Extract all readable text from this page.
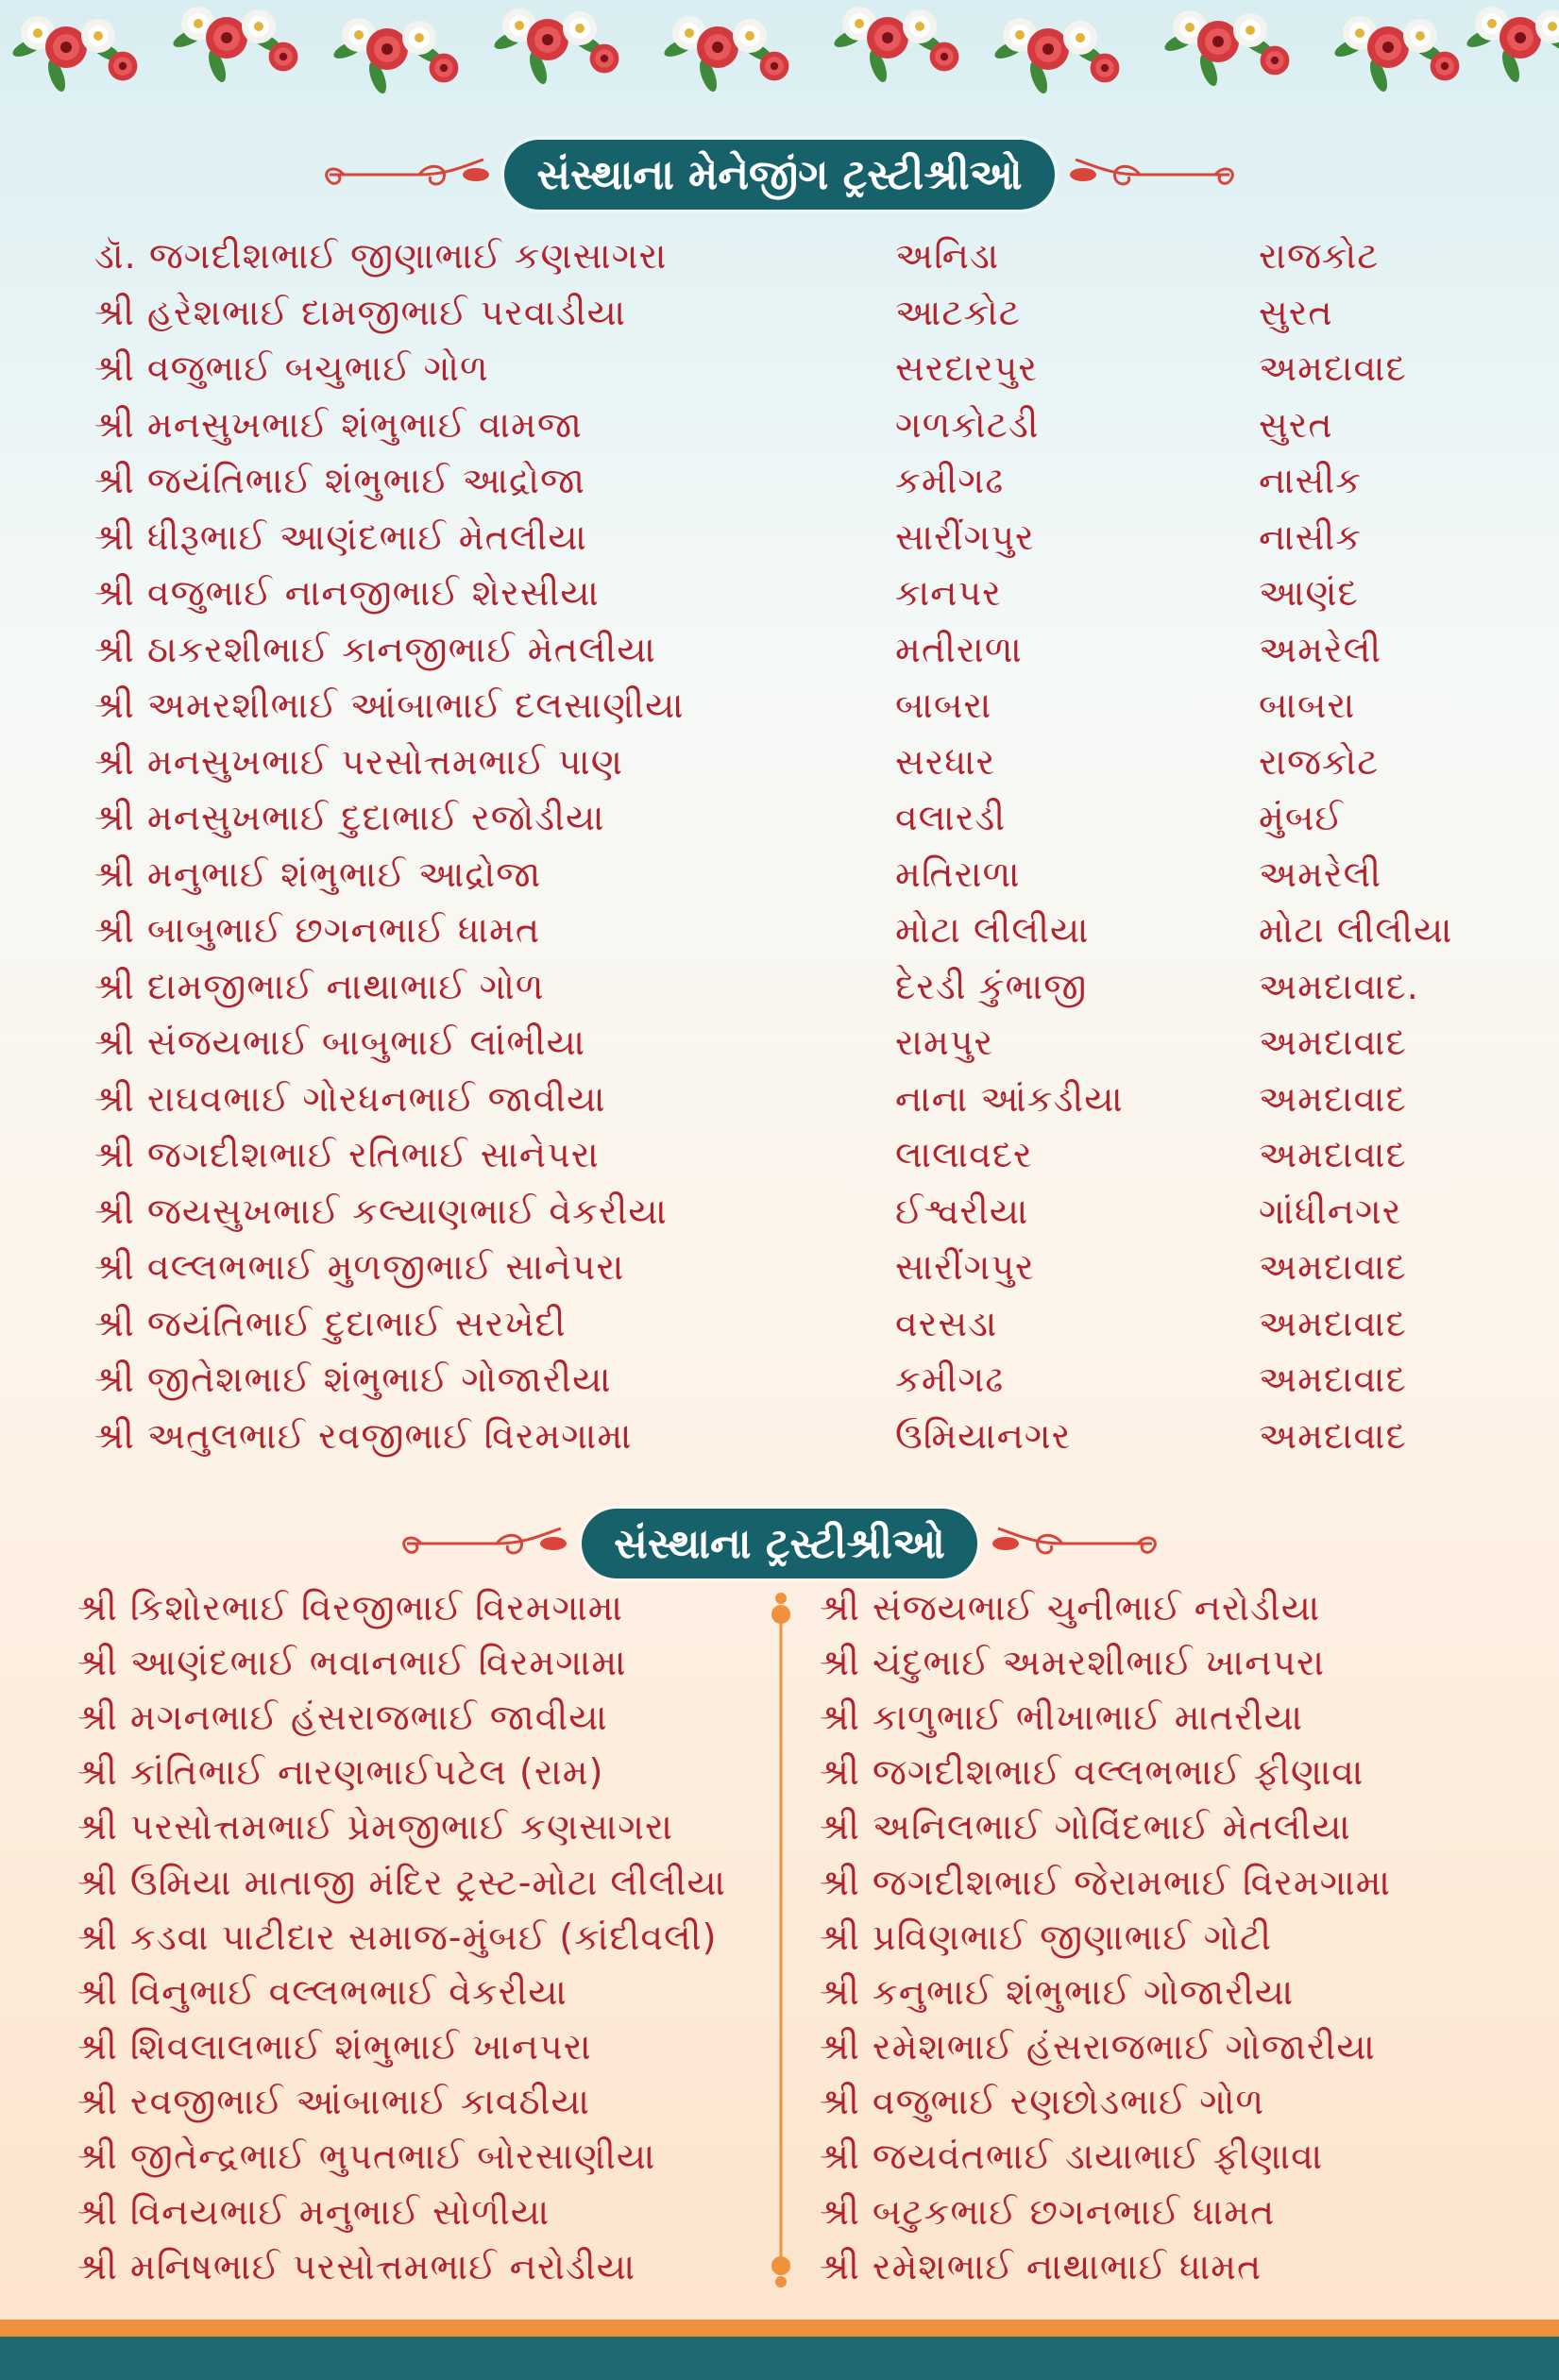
સંસ્થાના મેનેજીંગ ટ્રસ્ટીશ્રીઓ
ડૉ. જગદીશભાઈ જીણાભાઈ કણસાગરા	અનિડા	રાજકોટ
શ્રી હરેશભાઈ દામજીભાઈ પરવાડીયા	આટકોટ	સુરત
શ્રી વજુભાઈ બચુભાઈ ગોળ	સરદારપુર	અમદાવાદ
શ્રી મનસુખભાઈ શંભુભાઈ વામજા	ગળકોટડી	સુરત
શ્રી જયંતિભાઈ શંભુભાઈ આદ્રોજા	કમીગઢ	નાસીક
શ્રી ધીરૂભાઈ આણંદભાઈ મેતલીયા	સારીંગપુર	નાસીક
શ્રી વજુભાઈ નાનજીભાઈ શેરસીયા	કાનપર	આણંદ
શ્રી ઠાકરશીભાઈ કાનજીભાઈ મેતલીયા	મતીરાળા	અમરેલી
શ્રી અમરશીભાઈ આંબાભાઈ દલસાણીયા	બાબરા	બાબરા
શ્રી મનસુખભાઈ પરસોત્તમભાઈ પાણ	સરધાર	રાજકોટ
શ્રી મનસુખભાઈ દુદાભાઈ રજોડીયા	વલારડી	મુંબઈ
શ્રી મનુભાઈ શંભુભાઈ આદ્રોજા	મતિરાળા	અમરેલી
શ્રી બાબુભાઈ છગનભાઈ ધામત	મોટા લીલીયા	મોટા લીલીયા
શ્રી દામજીભાઈ નાથાભાઈ ગોળ	દેરડી કુંભાજી	અમદાવાદ.
શ્રી સંજયભાઈ બાબુભાઈ લાંભીયા	રામપુર	અમદાવાદ
શ્રી રાઘવભાઈ ગોરધનભાઈ જાવીયા	નાના આંકડીયા	અમદાવાદ
શ્રી જગદીશભાઈ રતિભાઈ સાનેપરા	લાલાવદર	અમદાવાદ
શ્રી જયસુખભાઈ કલ્યાણભાઈ વેકરીયા	ઈશ્વરીયા	ગાંધીનગર
શ્રી વલ્લભભાઈ મુળજીભાઈ સાનેપરા	સારીંગપુર	અમદાવાદ
શ્રી જયંતિભાઈ દુદાભાઈ સરખેદી	વરસડા	અમદાવાદ
શ્રી જીતેશભાઈ શંભુભાઈ ગોજારીયા	કમીગઢ	અમદાવાદ
શ્રી અતુલભાઈ રવજીભાઈ વિરમગામા	ઉમિયાનગર	અમદાવાદ
સંસ્થાના ટ્રસ્ટીશ્રીઓ
શ્રી કિશોરભાઈ વિરજીભાઈ વિરમગામા
શ્રી આણંદભાઈ ભવાનભાઈ વિરમગામા
શ્રી મગનભાઈ હંસરાજભાઈ જાવીયા
શ્રી કાંતિભાઈ નારણભાઈપટેલ (રામ)
શ્રી પરસોત્તમભાઈ પ્રેમજીભાઈ કણસાગરા
શ્રી ઉમિયા માતાજી મંદિર ટ્રસ્ટ-મોટા લીલીયા
શ્રી કડવા પાટીદાર સમાજ-મુંબઈ (કાંદીવલી)
શ્રી વિનુભાઈ વલ્લભભાઈ વેકરીયા
શ્રી શિવલાલભાઈ શંભુભાઈ ખાનપરા
શ્રી રવજીભાઈ આંબાભાઈ કાવઠીયા
શ્રી જીતેન્દ્રભાઈ ભુપતભાઈ બોરસાણીયા
શ્રી વિનયભાઈ મનુભાઈ સોળીયા
શ્રી મનિષભાઈ પરસોત્તમભાઈ નરોડીયા
શ્રી સંજયભાઈ ચુનીભાઈ નરોડીયા
શ્રી ચંદુભાઈ અમરશીભાઈ ખાનપરા
શ્રી કાળુભાઈ ભીખાભાઈ માતરીયા
શ્રી જગદીશભાઈ વલ્લભભાઈ ફીણાવા
શ્રી અનિલભાઈ ગોવિંદભાઈ મેતલીયા
શ્રી જગદીશભાઈ જેરામભાઈ વિરમગામા
શ્રી પ્રવિણભાઈ જીણાભાઈ ગોટી
શ્રી કનુભાઈ શંભુભાઈ ગોજારીયા
શ્રી રમેશભાઈ હંસરાજભાઈ ગોજારીયા
શ્રી વજુભાઈ રણછોડભાઈ ગોળ
શ્રી જયવંતભાઈ ડાયાભાઈ ફીણાવા
શ્રી બટુકભાઈ છગનભાઈ ધામત
શ્રી રમેશભાઈ નાથાભાઈ ધામત
